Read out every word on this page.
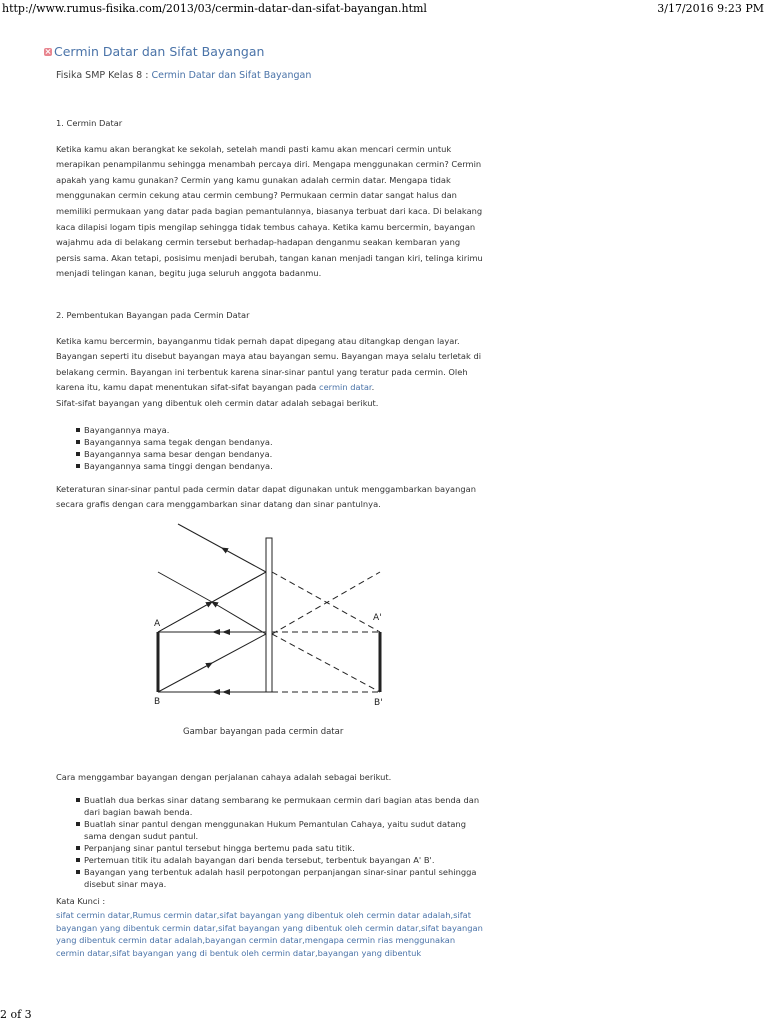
http://www.rumus-fisika.com/2013/03/cermin-datar-dan-sifat-bayangan.html	3/17/2016 9:23 PM
Cermin Datar dan Sifat Bayangan
Fisika SMP Kelas 8 : Cermin Datar dan Sifat Bayangan

1. Cermin Datar

Ketika kamu akan berangkat ke sekolah, setelah mandi pasti kamu akan mencari cermin untuk merapikan penampilanmu sehingga menambah percaya diri. Mengapa menggunakan cermin? Cermin apakah yang kamu gunakan? Cermin yang kamu gunakan adalah cermin datar. Mengapa tidak menggunakan cermin cekung atau cermin cembung? Permukaan cermin datar sangat halus dan memiliki permukaan yang datar pada bagian pemantulannya, biasanya terbuat dari kaca. Di belakang kaca dilapisi logam tipis mengilap sehingga tidak tembus cahaya. Ketika kamu bercermin, bayangan wajahmu ada di belakang cermin tersebut berhadap-hadapan denganmu seakan kembaran yang persis sama. Akan tetapi, posisimu menjadi berubah, tangan kanan menjadi tangan kiri, telinga kirimu menjadi telingan kanan, begitu juga seluruh anggota badanmu.

2. Pembentukan Bayangan pada Cermin Datar

Ketika kamu bercermin, bayanganmu tidak pernah dapat dipegang atau ditangkap dengan layar. Bayangan seperti itu disebut bayangan maya atau bayangan semu. Bayangan maya selalu terletak di belakang cermin. Bayangan ini terbentuk karena sinar-sinar pantul yang teratur pada cermin. Oleh karena itu, kamu dapat menentukan sifat-sifat bayangan pada cermin datar.
Sifat-sifat bayangan yang dibentuk oleh cermin datar adalah sebagai berikut.

Bayangannya maya.
Bayangannya sama tegak dengan bendanya.
Bayangannya sama besar dengan bendanya.
Bayangannya sama tinggi dengan bendanya.

Keteraturan sinar-sinar pantul pada cermin datar dapat digunakan untuk menggambarkan bayangan secara grafis dengan cara menggambarkan sinar datang dan sinar pantulnya.

A
B
A'
B'
Gambar bayangan pada cermin datar

Cara menggambar bayangan dengan perjalanan cahaya adalah sebagai berikut.

Buatlah dua berkas sinar datang sembarang ke permukaan cermin dari bagian atas benda dan dari bagian bawah benda.
Buatlah sinar pantul dengan menggunakan Hukum Pemantulan Cahaya, yaitu sudut datang sama dengan sudut pantul.
Perpanjang sinar pantul tersebut hingga bertemu pada satu titik.
Pertemuan titik itu adalah bayangan dari benda tersebut, terbentuk bayangan A' B'.
Bayangan yang terbentuk adalah hasil perpotongan perpanjangan sinar-sinar pantul sehingga disebut sinar maya.

Kata Kunci :

sifat cermin datar,Rumus cermin datar,sifat bayangan yang dibentuk oleh cermin datar adalah,sifat bayangan yang dibentuk cermin datar,sifat bayangan yang dibentuk oleh cermin datar,sifat bayangan yang dibentuk cermin datar adalah,bayangan cermin datar,mengapa cermin rias menggunakan cermin datar,sifat bayangan yang di bentuk oleh cermin datar,bayangan yang dibentuk

2 of 3
